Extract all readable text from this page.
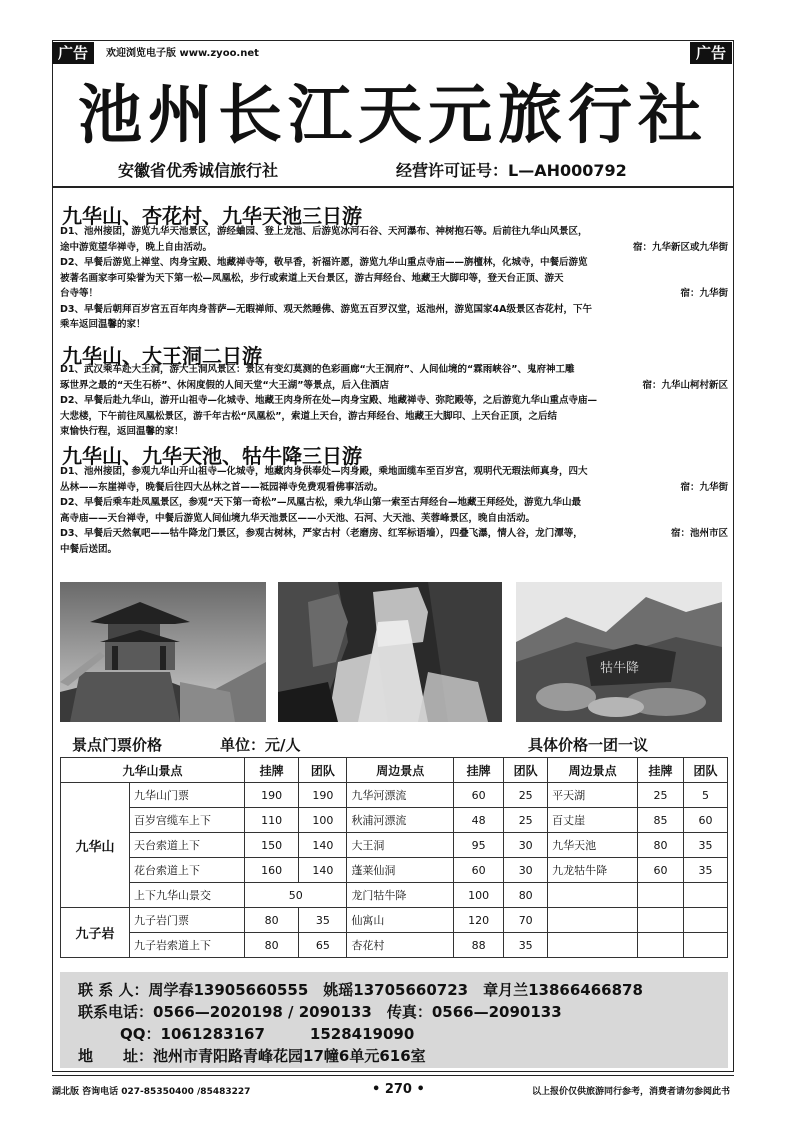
广告	广告
欢迎浏览电子版 www.zyoo.net
池州长江天元旅行社
安徽省优秀诚信旅行社	经营许可证号：L—AH000792
九华山、杏花村、九华天池三日游
D1、池州接团，游览九华天池景区，游经蛐园、登上龙池、后游览冰河石谷、天河瀑布、神树抱石等。后前往九华山风景区，
途中游览望华禅寺，晚上自由活动。	宿：九华新区或九华街
D2、早餐后游览上禅堂、肉身宝殿、地藏禅寺等，敬早香，祈福许愿，游览九华山重点寺庙——旃檀林，化城寺，中餐后游览
被著名画家李可染誉为天下第一松—凤凰松，步行或索道上天台景区，游古拜经台、地藏王大脚印等，登天台正顶、游天
台寺等！	宿：九华街
D3、早餐后朝拜百岁宫五百年肉身菩萨—无暇禅师、观天然睡佛、游览五百罗汉堂，返池州，游览国家4A级景区杏花村，下午
乘车返回温馨的家！
九华山、大王洞二日游
D1、武汉乘车赴大王洞，游大王洞风景区：景区有变幻莫测的色彩画廊“大王洞府”、人间仙境的“霖雨峡谷”、鬼府神工雕
琢世界之最的“天生石桥”、休闲度假的人间天堂“大王湖”等景点，后入住酒店	宿：九华山柯村新区
D2、早餐后赴九华山，游开山祖寺—化城寺、地藏王肉身所在处—肉身宝殿、地藏禅寺、弥陀殿等，之后游览九华山重点寺庙—
大悲楼，下午前往凤凰松景区，游千年古松“凤凰松”，索道上天台，游古拜经台、地藏王大脚印、上天台正顶，之后结
束愉快行程，返回温馨的家！
九华山、九华天池、牯牛降三日游
D1、池州接团，参观九华山开山祖寺—化城寺，地藏肉身供奉处—肉身殿，乘地面缆车至百岁宫，观明代无瑕法师真身，四大
丛林——东崖禅寺，晚餐后往四大丛林之首——祗园禅寺免费观看佛事活动。	宿：九华街
D2、早餐后乘车赴凤凰景区，参观“天下第一奇松”—凤凰古松，乘九华山第一索至古拜经台—地藏王拜经处，游览九华山最
高寺庙——天台禅寺，中餐后游览人间仙境九华天池景区——小天池、石河、大天池、芙蓉峰景区，晚自由活动。
宿：池州市区
D3、早餐后天然氧吧——牯牛降龙门景区，参观古树林，严家古村（老磨房、红军标语墙），四叠飞瀑，情人谷，龙门潭等，
中餐后送团。
牯牛降
景点门票价格	单位：元/人	具体价格一团一议
九华山景点		挂牌	团队	周边景点	挂牌	团队	周边景点	挂牌	团队
九华山	九华山门票	190	190	九华河漂流	60	25	平天湖	25	5
	百岁宫缆车上下	110	100	秋浦河漂流	48	25	百丈崖	85	60
	天台索道上下	150	140	大王洞	95	30	九华天池	80	35
	花台索道上下	160	140	蓬莱仙洞	60	30	九龙牯牛降	60	35
	上下九华山景交	50		龙门牯牛降	100	80			
九子岩	九子岩门票	80	35	仙寓山	120	70			
	九子岩索道上下	80	65	杏花村	88	35			
联 系 人：周学春13905660555　姚瑶13705660723　章月兰13866466878
联系电话：0566—2020198 / 2090133　 传真：0566—2090133
QQ：1061283167　　　1528419090
地　　址：池州市青阳路青峰花园17幢6单元616室
湖北版 咨询电话 027-85350400 /85483227	• 270 •	以上报价仅供旅游同行参考，消费者请勿参阅此书
